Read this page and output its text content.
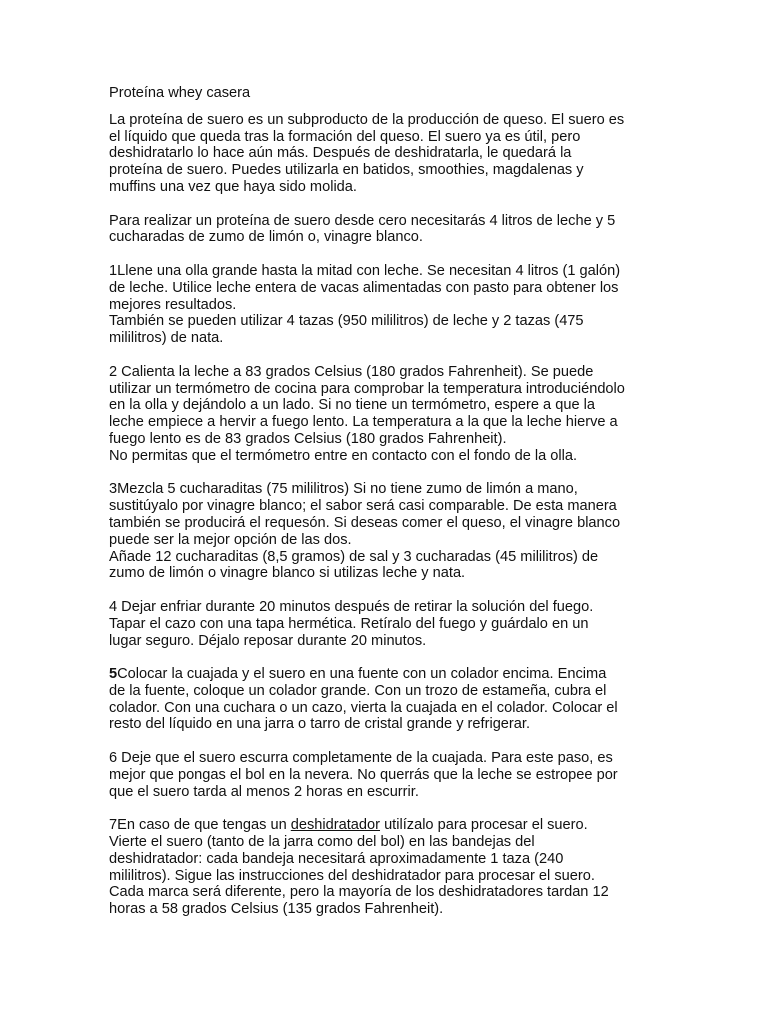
Proteína whey casera

La proteína de suero es un subproducto de la producción de queso. El suero es
el líquido que queda tras la formación del queso. El suero ya es útil, pero
deshidratarlo lo hace aún más. Después de deshidratarla, le quedará la
proteína de suero. Puedes utilizarla en batidos, smoothies, magdalenas y
muffins una vez que haya sido molida.

Para realizar un proteína de suero desde cero necesitarás 4 litros de leche y 5
cucharadas de zumo de limón o, vinagre blanco.

1Llene una olla grande hasta la mitad con leche. Se necesitan 4 litros (1 galón)
de leche. Utilice leche entera de vacas alimentadas con pasto para obtener los
mejores resultados.
También se pueden utilizar 4 tazas (950 mililitros) de leche y 2 tazas (475
mililitros) de nata.

2 Calienta la leche a 83 grados Celsius (180 grados Fahrenheit). Se puede
utilizar un termómetro de cocina para comprobar la temperatura introduciéndolo
en la olla y dejándolo a un lado. Si no tiene un termómetro, espere a que la
leche empiece a hervir a fuego lento. La temperatura a la que la leche hierve a
fuego lento es de 83 grados Celsius (180 grados Fahrenheit).
No permitas que el termómetro entre en contacto con el fondo de la olla.

3Mezcla 5 cucharaditas (75 mililitros) Si no tiene zumo de limón a mano,
sustitúyalo por vinagre blanco; el sabor será casi comparable. De esta manera
también se producirá el requesón. Si deseas comer el queso, el vinagre blanco
puede ser la mejor opción de las dos.
Añade 12 cucharaditas (8,5 gramos) de sal y 3 cucharadas (45 mililitros) de
zumo de limón o vinagre blanco si utilizas leche y nata.

4 Dejar enfriar durante 20 minutos después de retirar la solución del fuego.
Tapar el cazo con una tapa hermética. Retíralo del fuego y guárdalo en un
lugar seguro. Déjalo reposar durante 20 minutos.

5Colocar la cuajada y el suero en una fuente con un colador encima. Encima
de la fuente, coloque un colador grande. Con un trozo de estameña, cubra el
colador. Con una cuchara o un cazo, vierta la cuajada en el colador. Colocar el
resto del líquido en una jarra o tarro de cristal grande y refrigerar.

6 Deje que el suero escurra completamente de la cuajada. Para este paso, es
mejor que pongas el bol en la nevera. No querrás que la leche se estropee por
que el suero tarda al menos 2 horas en escurrir.

7En caso de que tengas un deshidratador utilízalo para procesar el suero.
Vierte el suero (tanto de la jarra como del bol) en las bandejas del
deshidratador: cada bandeja necesitará aproximadamente 1 taza (240
mililitros). Sigue las instrucciones del deshidratador para procesar el suero.
Cada marca será diferente, pero la mayoría de los deshidratadores tardan 12
horas a 58 grados Celsius (135 grados Fahrenheit).
